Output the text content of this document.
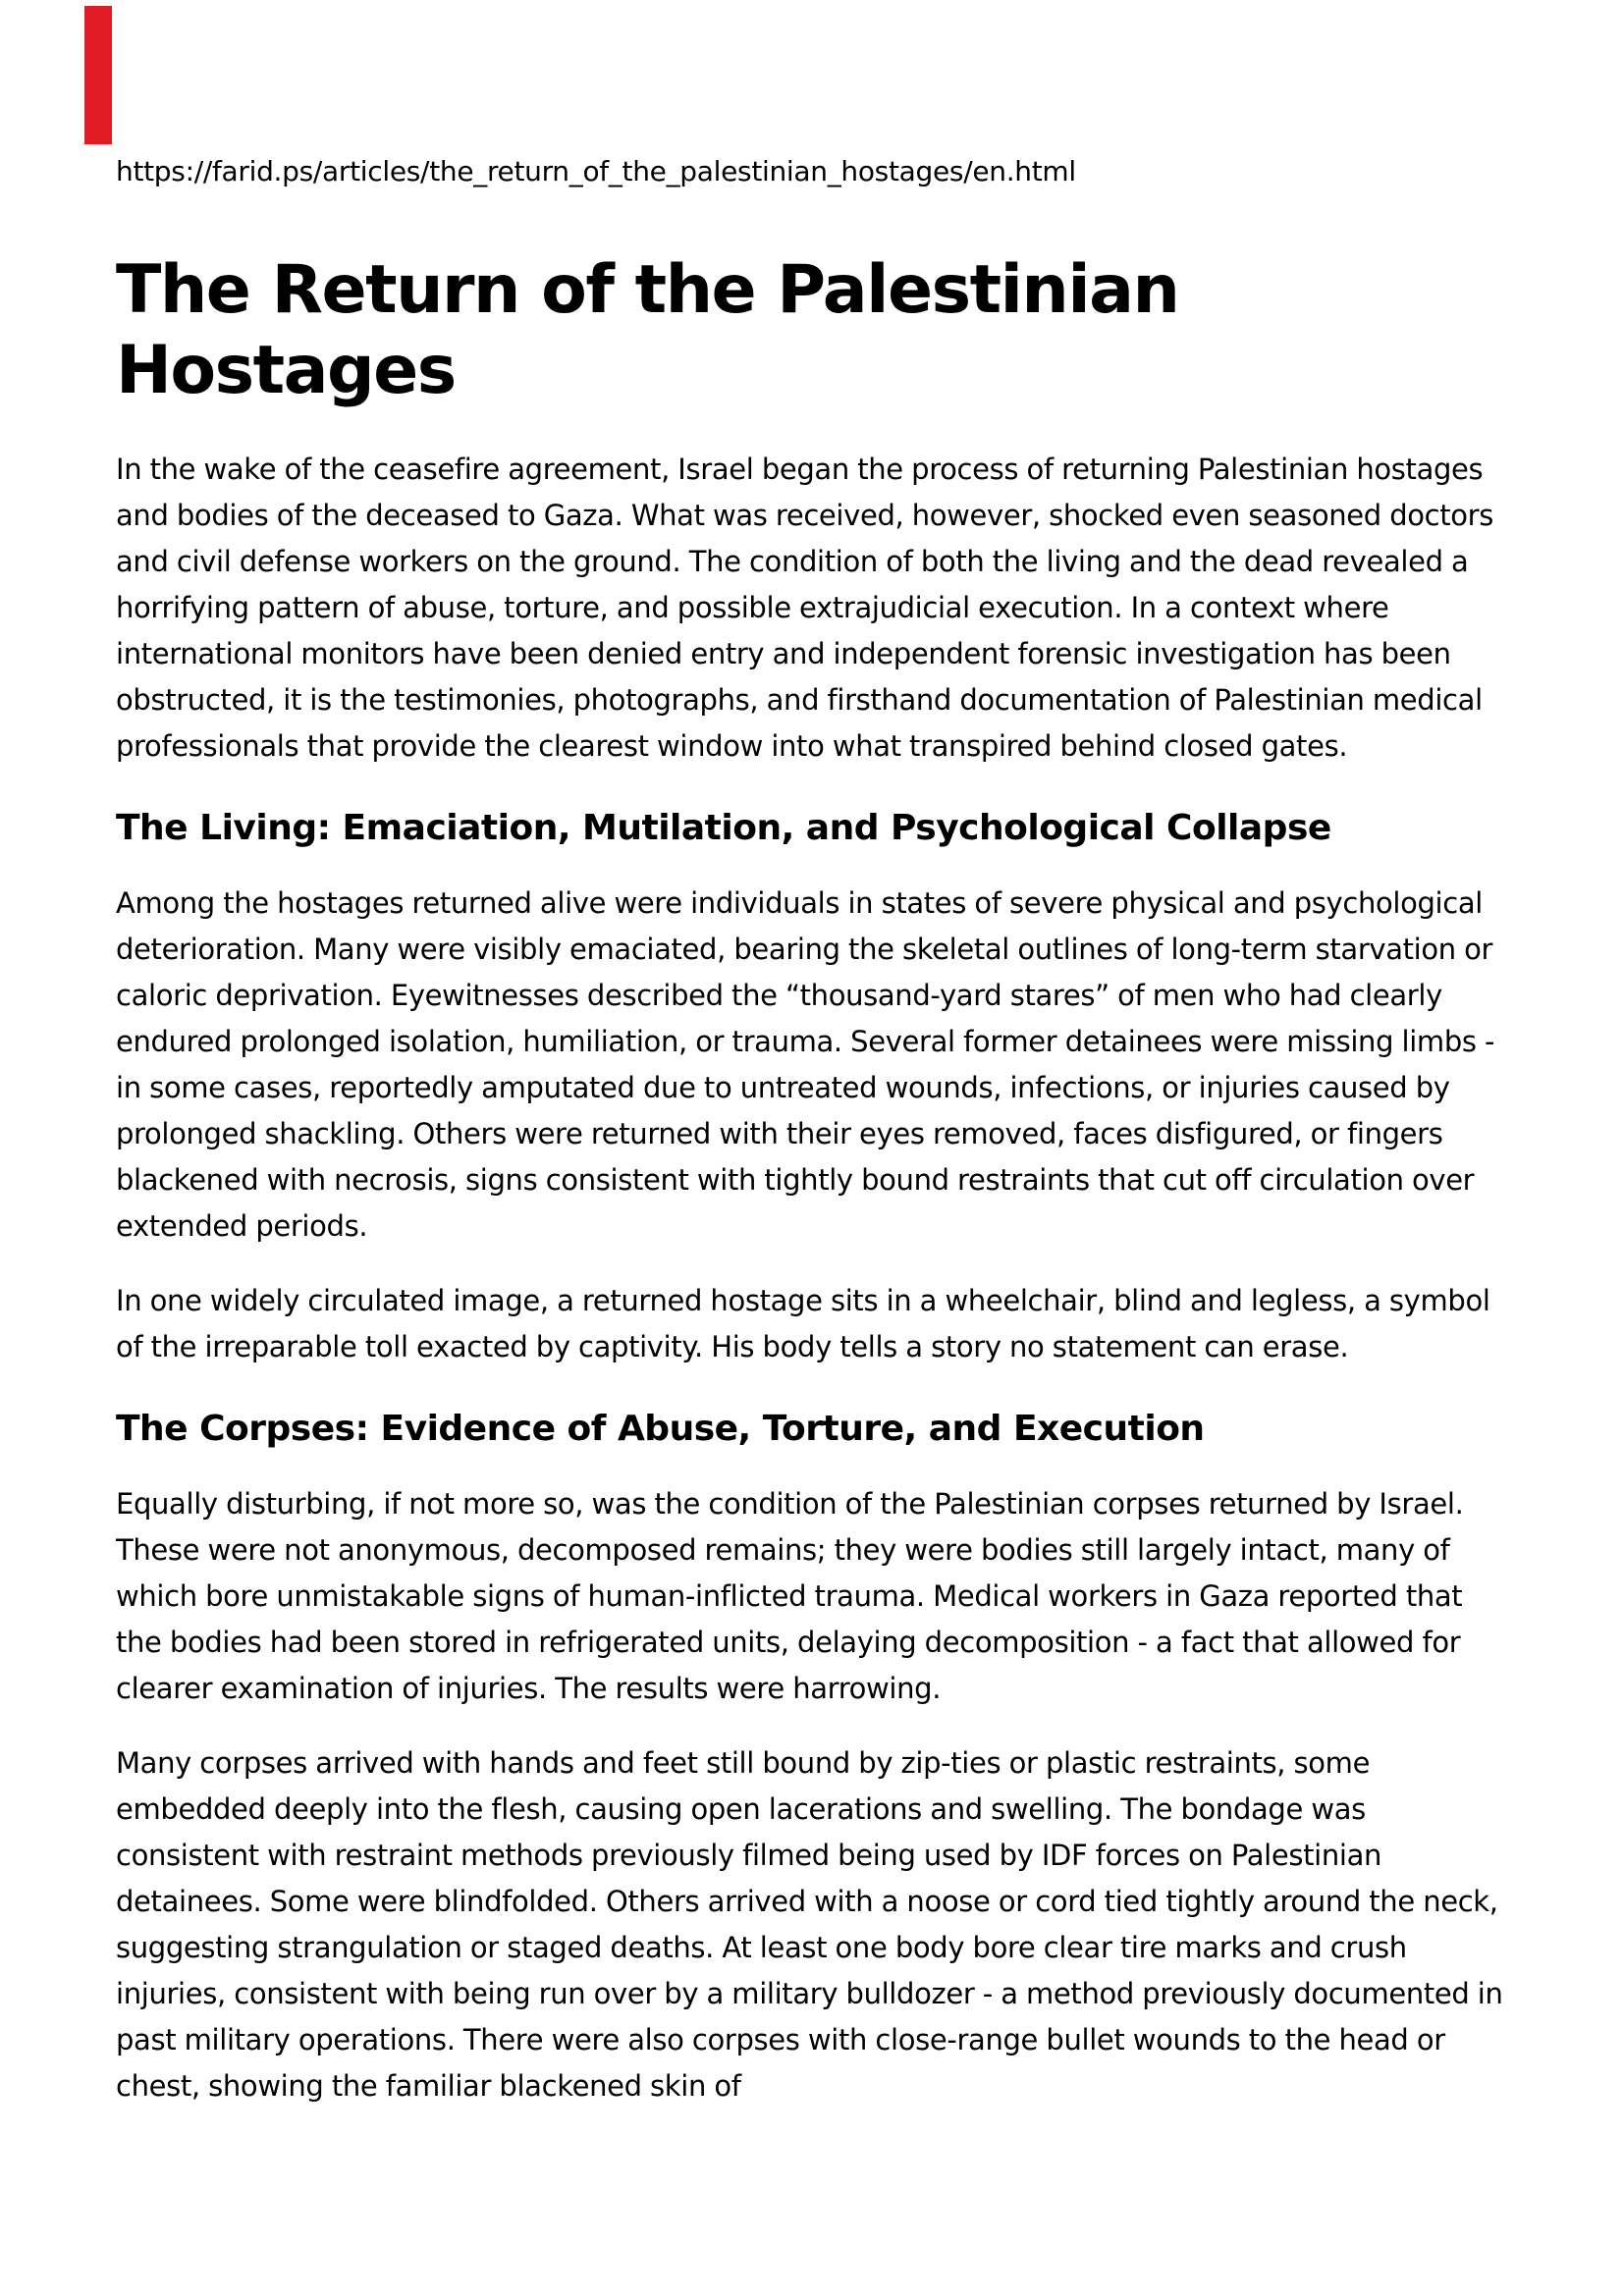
https://farid.ps/articles/the_return_of_the_palestinian_hostages/en.html
The Return of the Palestinian Hostages

In the wake of the ceasefire agreement, Israel began the process of returning Palestinian hostages and bodies of the deceased to Gaza. What was received, however, shocked even seasoned doctors and civil defense workers on the ground. The condition of both the living and the dead revealed a horrifying pattern of abuse, torture, and possible extrajudicial execution. In a context where international monitors have been denied entry and independent forensic investigation has been obstructed, it is the testimonies, photographs, and firsthand documentation of Palestinian medical professionals that provide the clearest window into what transpired behind closed gates.

The Living: Emaciation, Mutilation, and Psychological Collapse

Among the hostages returned alive were individuals in states of severe physical and psychological deterioration. Many were visibly emaciated, bearing the skeletal outlines of long-term starvation or caloric deprivation. Eyewitnesses described the “thousand-yard stares” of men who had clearly endured prolonged isolation, humiliation, or trauma. Several former detainees were missing limbs - in some cases, reportedly amputated due to untreated wounds, infections, or injuries caused by prolonged shackling. Others were returned with their eyes removed, faces disfigured, or fingers blackened with necrosis, signs consistent with tightly bound restraints that cut off circulation over extended periods.

In one widely circulated image, a returned hostage sits in a wheelchair, blind and legless, a symbol of the irreparable toll exacted by captivity. His body tells a story no statement can erase.

The Corpses: Evidence of Abuse, Torture, and Execution

Equally disturbing, if not more so, was the condition of the Palestinian corpses returned by Israel. These were not anonymous, decomposed remains; they were bodies still largely intact, many of which bore unmistakable signs of human-inflicted trauma. Medical workers in Gaza reported that the bodies had been stored in refrigerated units, delaying decomposition - a fact that allowed for clearer examination of injuries. The results were harrowing.

Many corpses arrived with hands and feet still bound by zip-ties or plastic restraints, some embedded deeply into the flesh, causing open lacerations and swelling. The bondage was consistent with restraint methods previously filmed being used by IDF forces on Palestinian detainees. Some were blindfolded. Others arrived with a noose or cord tied tightly around the neck, suggesting strangulation or staged deaths. At least one body bore clear tire marks and crush injuries, consistent with being run over by a military bulldozer - a method previously documented in past military operations. There were also corpses with close-range bullet wounds to the head or chest, showing the familiar blackened skin of
